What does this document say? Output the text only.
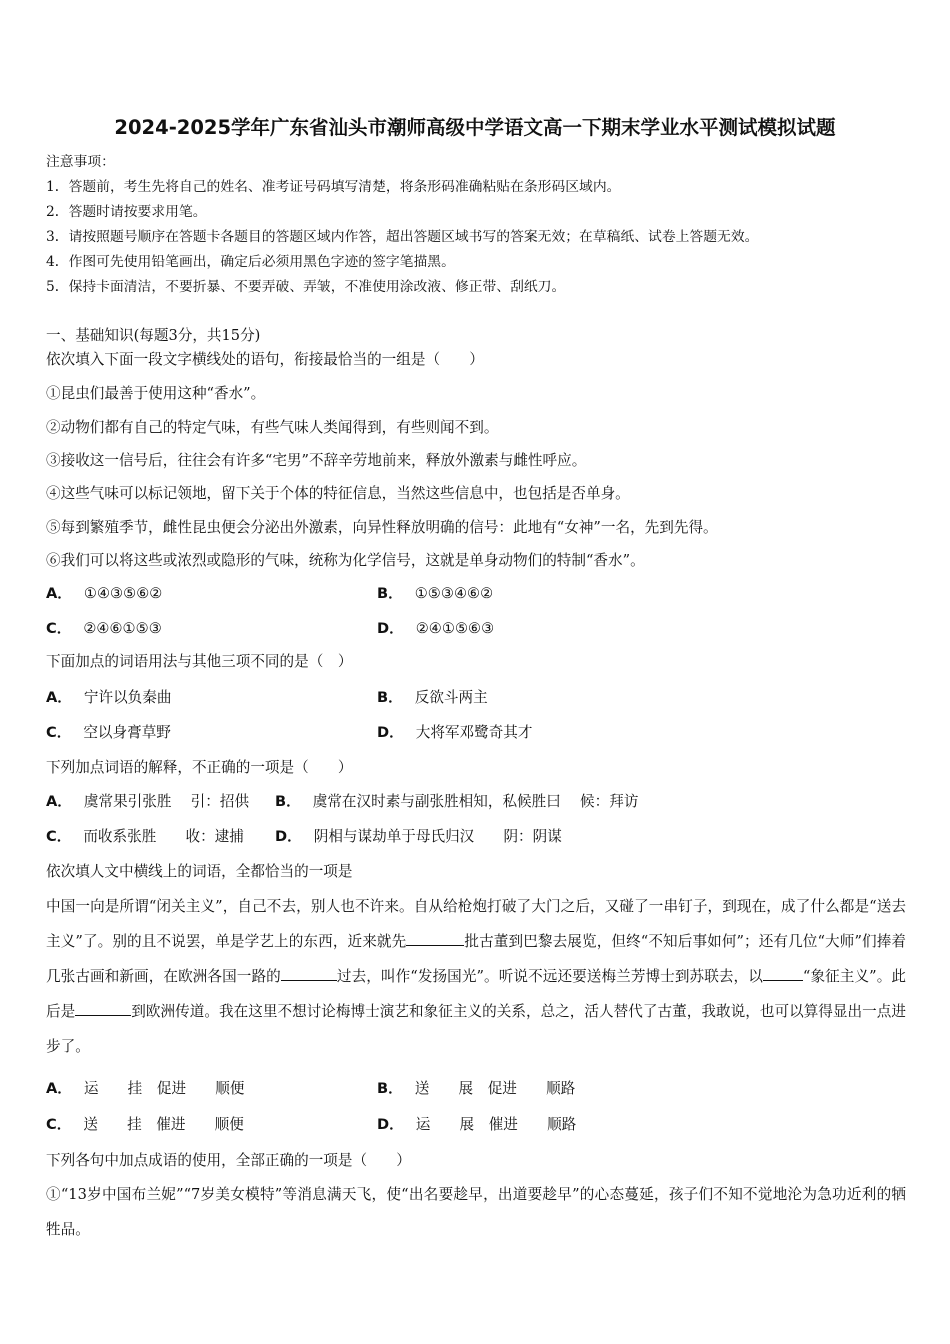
2024-2025学年广东省汕头市潮师高级中学语文高一下期末学业水平测试模拟试题
注意事项：
1．答题前，考生先将自己的姓名、准考证号码填写清楚，将条形码准确粘贴在条形码区域内。
2．答题时请按要求用笔。
3．请按照题号顺序在答题卡各题目的答题区域内作答，超出答题区域书写的答案无效；在草稿纸、试卷上答题无效。
4．作图可先使用铅笔画出，确定后必须用黑色字迹的签字笔描黑。
5．保持卡面清洁，不要折暴、不要弄破、弄皱，不准使用涂改液、修正带、刮纸刀。
一、基础知识(每题3分，共15分)
依次填入下面一段文字横线处的语句，衔接最恰当的一组是（　　）
①昆虫们最善于使用这种“香水”。
②动物们都有自己的特定气味，有些气味人类闻得到，有些则闻不到。
③接收这一信号后，往往会有许多“宅男”不辞辛劳地前来，释放外激素与雌性呼应。
④这些气味可以标记领地，留下关于个体的特征信息，当然这些信息中，也包括是否单身。
⑤每到繁殖季节，雌性昆虫便会分泌出外激素，向异性释放明确的信号：此地有“女神”一名，先到先得。
⑥我们可以将这些或浓烈或隐形的气味，统称为化学信号，这就是单身动物们的特制“香水”。
A． ①④③⑤⑥②	B． ①⑤③④⑥②
C． ②④⑥①⑤③	D． ②④①⑤⑥③
下面加点的词语用法与其他三项不同的是（　）
A． 宁许以负秦曲	B． 反欲斗两主
C． 空以身膏草野	D． 大将军邓鹭奇其才
下列加点词语的解释，不正确的一项是（　　）
A． 虞常果引张胜　 引：招供 B． 虞常在汉时素与副张胜相知，私候胜曰　 候：拜访
C． 而收系张胜　　收：逮捕 D． 阴相与谋劫单于母氏归汉　　阴：阴谋
依次填人文中横线上的词语，全都恰当的一项是
中国一向是所谓“闭关主义”，自己不去，别人也不许来。自从给枪炮打破了大门之后，又碰了一串钉子，到现在，成了什么都是“送去主义”了。别的且不说罢，单是学艺上的东西，近来就先	批古董到巴黎去展览，但终“不知后事如何”；还有几位“大师”们捧着几张古画和新画，在欧洲各国一路的	过去，叫作“发扬国光”。听说不远还要送梅兰芳博士到苏联去，以	“象征主义”。此后是	到欧洲传道。我在这里不想讨论梅博士演艺和象征主义的关系，总之，活人替代了古董，我敢说，也可以算得显出一点进步了。
A． 运　　挂　促进　　顺便	B． 送　　展　促进　　顺路
C． 送　　挂　催进　　顺便	D． 运　　展　催进　　顺路
下列各句中加点成语的使用，全部正确的一项是（　　）
①“13岁中国布兰妮”“7岁美女模特”等消息满天飞，使“出名要趁早，出道要趁早”的心态蔓延，孩子们不知不觉地沦为急功近利的牺牲品。
